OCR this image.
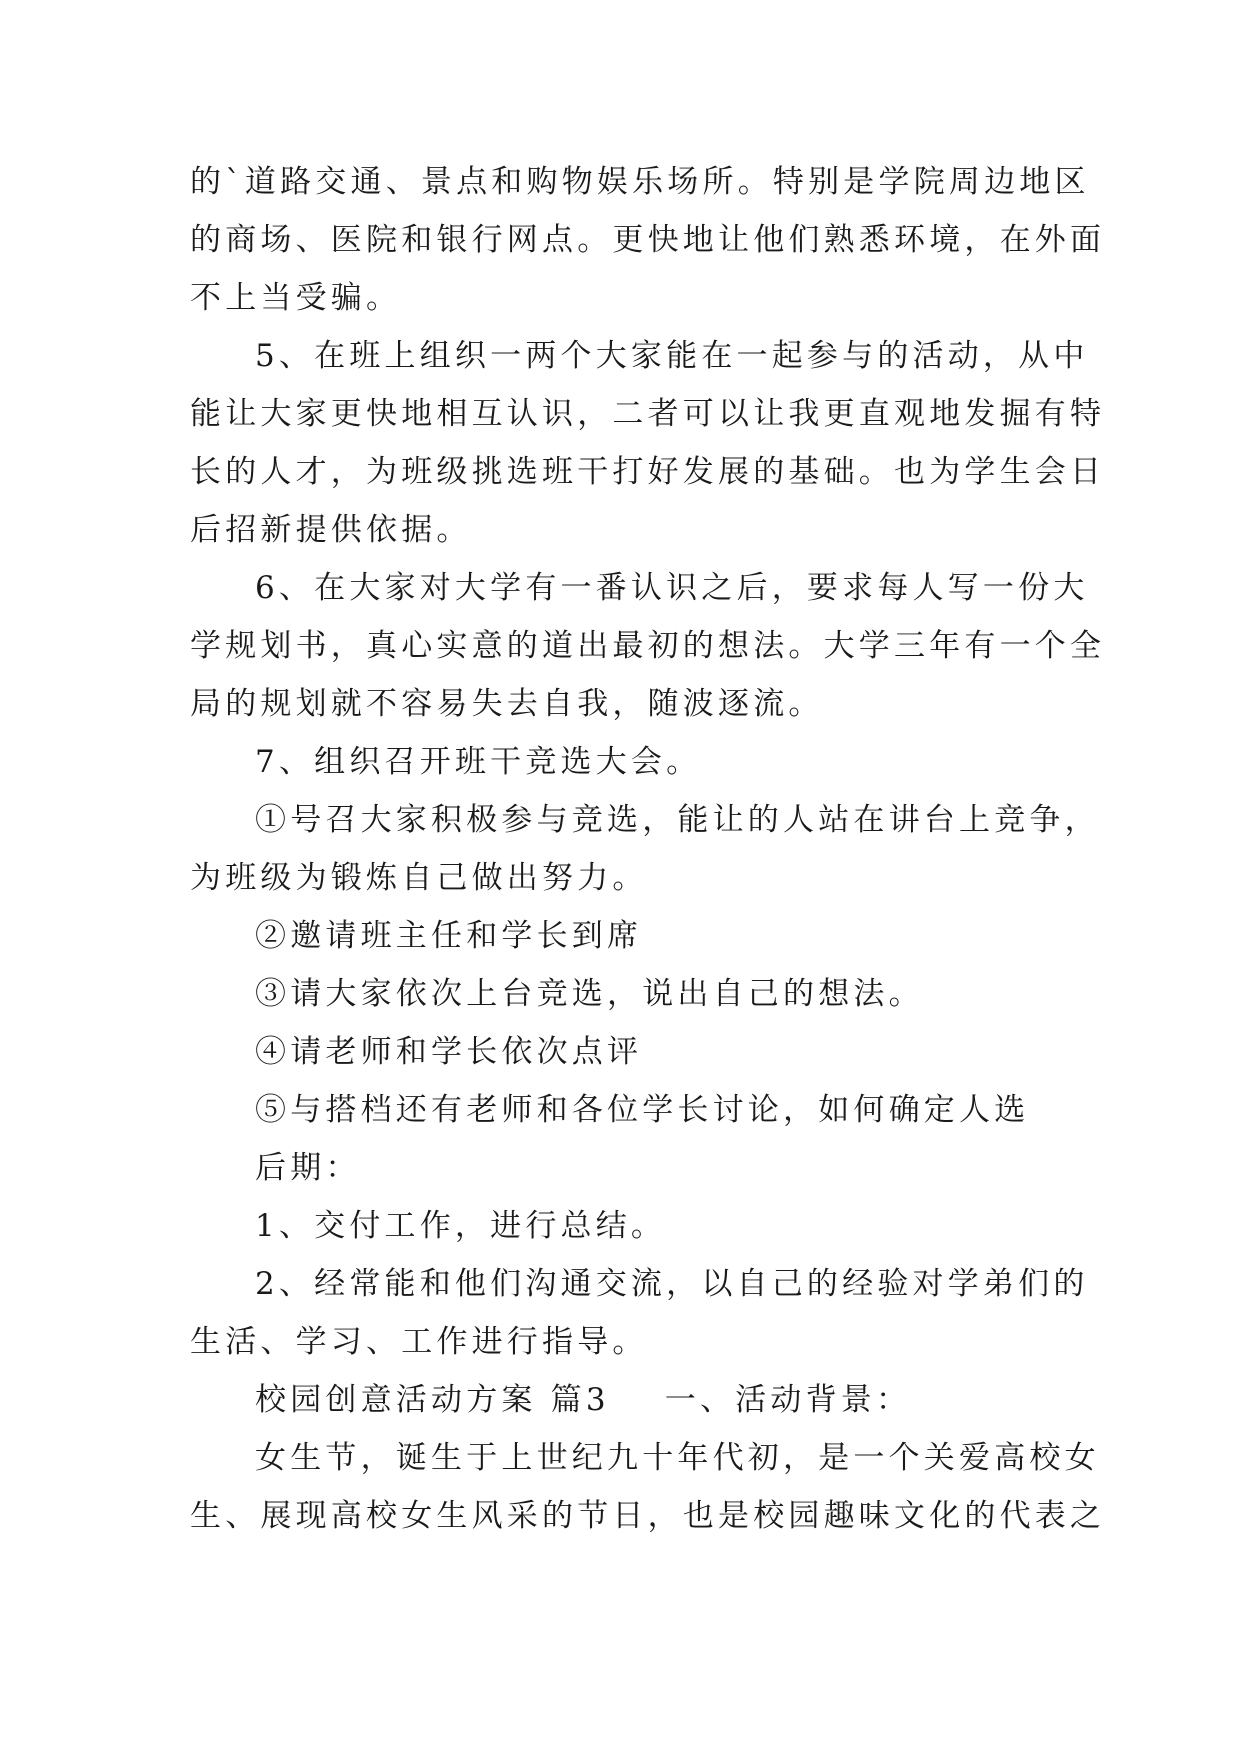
的`道路交通、景点和购物娱乐场所。特别是学院周边地区
的商场、医院和银行网点。更快地让他们熟悉环境，在外面
不上当受骗。
5、在班上组织一两个大家能在一起参与的活动，从中
能让大家更快地相互认识，二者可以让我更直观地发掘有特
长的人才，为班级挑选班干打好发展的基础。也为学生会日
后招新提供依据。
6、在大家对大学有一番认识之后，要求每人写一份大
学规划书，真心实意的道出最初的想法。大学三年有一个全
局的规划就不容易失去自我，随波逐流。
7、组织召开班干竞选大会。
①号召大家积极参与竞选，能让的人站在讲台上竞争，
为班级为锻炼自己做出努力。
②邀请班主任和学长到席
③请大家依次上台竞选，说出自己的想法。
④请老师和学长依次点评
⑤与搭档还有老师和各位学长讨论，如何确定人选
后期：
1、交付工作，进行总结。
2、经常能和他们沟通交流，以自己的经验对学弟们的
生活、学习、工作进行指导。
校园创意活动方案 篇3 一、活动背景：
女生节，诞生于上世纪九十年代初，是一个关爱高校女
生、展现高校女生风采的节日，也是校园趣味文化的代表之
